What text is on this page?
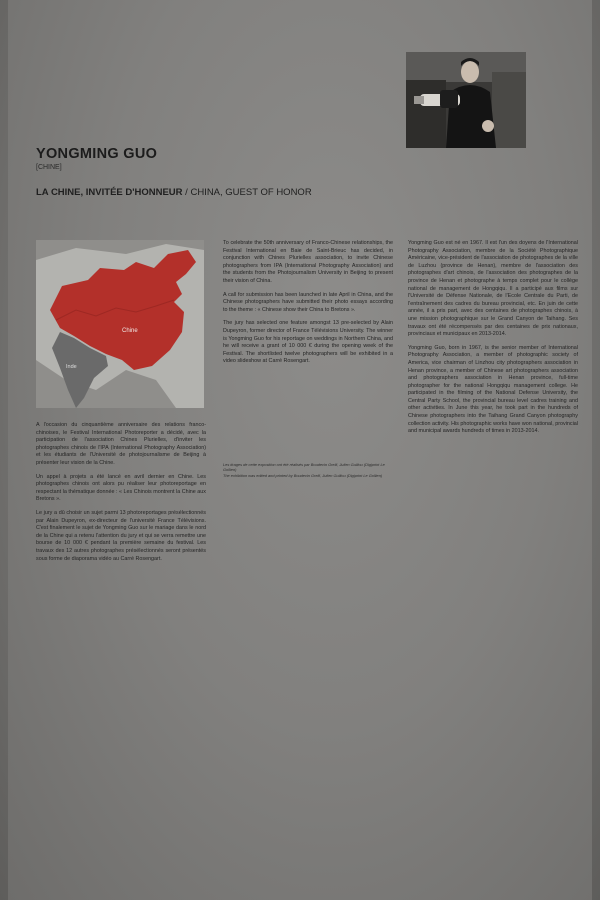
YONGMING GUO
[CHINE]
LA CHINE, INVITÉE D'HONNEUR / CHINA, GUEST OF HONOR
Chine
Inde

A l'occasion du cinquantième anniversaire des relations franco-chinoises, le Festival International Photoreporter a décidé, avec la participation de l'association Chines Plurielles, d'inviter les photographes chinois de l'IPA (International Photography Association) et les étudiants de l'Université de photojournalisme de Beijing à présenter leur vision de la Chine.

Un appel à projets a été lancé en avril dernier en Chine. Les photographes chinois ont alors pu réaliser leur photoreportage en respectant la thématique donnée : « Les Chinois montrent la Chine aux Bretons ».

Le jury a dû choisir un sujet parmi 13 photoreportages présélectionnés par Alain Dupeyron, ex-directeur de l'université France Télévisions. C'est finalement le sujet de Yongming Guo sur le mariage dans le nord de la Chine qui a retenu l'attention du jury et qui se verra remettre une bourse de 10 000 € pendant la première semaine du festival. Les travaux des 12 autres photographes présélectionnés seront présentés sous forme de diaporama vidéo au Carré Rosengart.

To celebrate the 50th anniversary of Franco-Chinese relationships, the Festival International en Baie de Saint-Brieuc has decided, in conjunction with Chines Plurielles association, to invite Chinese photographers from IPA (International Photography Association) and the students from the Photojournalism University in Beijing to present their vision of China.

A call for submission has been launched in late April in China, and the Chinese photographers have submitted their photo essays according to the theme : « Chinese show their China to Bretons ».

The jury has selected one feature amongst 13 pre-selected by Alain Dupeyron, former director of France Télévisions University. The winner is Yongming Guo for his reportage on weddings in Northern China, and he will receive a grant of 10 000 € during the opening week of the Festival. The shortlisted twelve photographers will be exhibited in a video slideshow at Carré Rosengart.

Les tirages de cette exposition ont été réalisés par Boudevin Grelli, Julien Guillou (Digiprint Le Gollien)
The exhibition was edited and printed by Boudevin Grelli, Julien Guillou (Digiprint Le Gollien)

Yongming Guo est né en 1967. Il est l'un des doyens de l'International Photography Association, membre de la Société Photographique Américaine, vice-président de l'association de photographes de la ville de Luzhou (province de Henan), membre de l'association des photographes d'art chinois, de l'association des photographes de la province de Henan et photographe à temps complet pour le collège national de management de Hongqiqu. Il a participé aux films sur l'Université de Défense Nationale, de l'Ecole Centrale du Parti, de l'entraînement des cadres du bureau provincial, etc. En juin de cette année, il a pris part, avec des centaines de photographes chinois, à une mission photographique sur le Grand Canyon de Taihang. Ses travaux ont été récompensés par des centaines de prix nationaux, provinciaux et municipaux en 2013-2014.

Yongming Guo, born in 1967, is the senior member of International Photography Association, a member of photographic society of America, vice chairman of Linzhou city photographers association in Henan province, a member of Chinese art photographers association and photographers association in Henan province, full-time photographer for the national Hongqiqu management college. He participated in the filming of the National Defense University, the Central Party School, the provincial bureau level cadres training and other activities. In June this year, he took part in the hundreds of Chinese photographers into the Taihang Grand Canyon photography collection activity. His photographic works have won national, provincial and municipal awards hundreds of times in 2013-2014.
